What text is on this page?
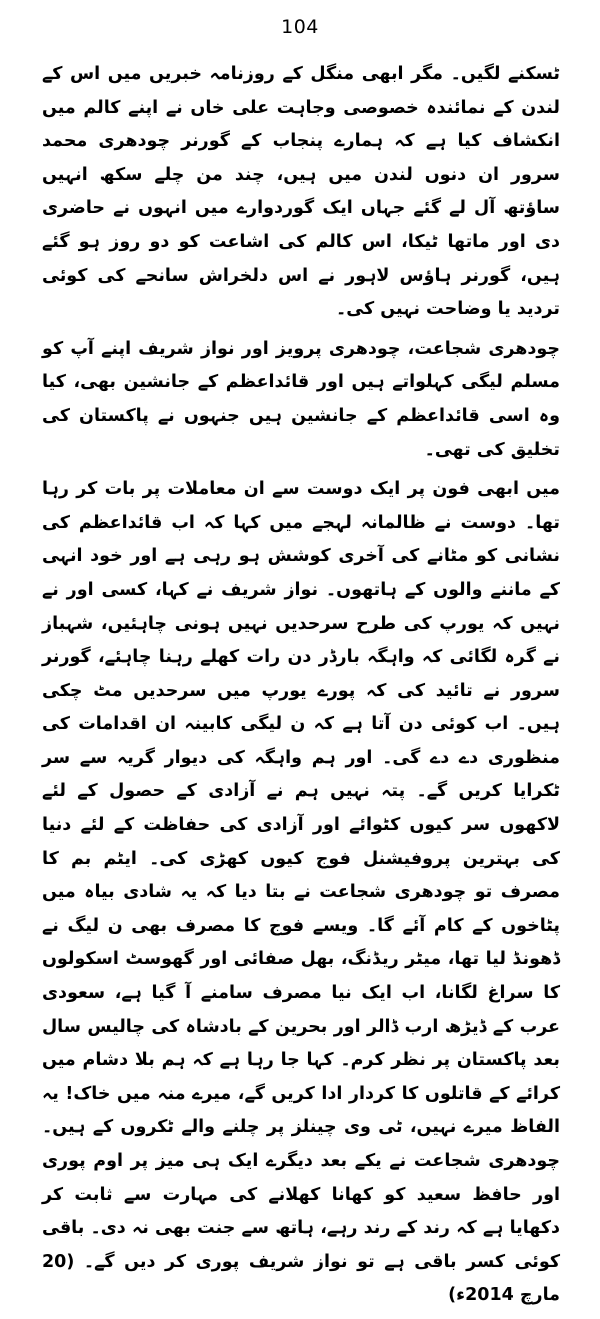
104

ٹسکنے لگیں۔ مگر ابھی منگل کے روزنامہ خبریں میں اس کے لندن کے نمائندہ خصوصی وجاہت علی خاں نے اپنے کالم میں انکشاف کیا ہے کہ ہمارے پنجاب کے گورنر چودھری محمد سرور ان دنوں لندن میں ہیں، چند من چلے سکھ انہیں ساؤتھ آل لے گئے جہاں ایک گوردوارے میں انہوں نے حاضری دی اور ماتھا ٹیکا، اس کالم کی اشاعت کو دو روز ہو گئے ہیں، گورنر ہاؤس لاہور نے اس دلخراش سانحے کی کوئی تردید یا وضاحت نہیں کی۔

چودھری شجاعت، چودھری پرویز اور نواز شریف اپنے آپ کو مسلم لیگی کہلواتے ہیں اور قائداعظم کے جانشین بھی، کیا وہ اسی قائداعظم کے جانشین ہیں جنہوں نے پاکستان کی تخلیق کی تھی۔

میں ابھی فون پر ایک دوست سے ان معاملات پر بات کر رہا تھا۔ دوست نے ظالمانہ لہجے میں کہا کہ اب قائداعظم کی نشانی کو مٹانے کی آخری کوشش ہو رہی ہے اور خود انہی کے ماننے والوں کے ہاتھوں۔ نواز شریف نے کہا، کسی اور نے نہیں کہ یورپ کی طرح سرحدیں نہیں ہونی چاہئیں، شہباز نے گرہ لگائی کہ واہگہ بارڈر دن رات کھلے رہنا چاہئے، گورنر سرور نے تائید کی کہ پورے یورپ میں سرحدیں مٹ چکی ہیں۔ اب کوئی دن آتا ہے کہ ن لیگی کابینہ ان اقدامات کی منظوری دے دے گی۔ اور ہم واہگہ کی دیوار گریہ سے سر ٹکرایا کریں گے۔ پتہ نہیں ہم نے آزادی کے حصول کے لئے لاکھوں سر کیوں کٹوائے اور آزادی کی حفاظت کے لئے دنیا کی بہترین پروفیشنل فوج کیوں کھڑی کی۔ ایٹم بم کا مصرف تو چودھری شجاعت نے بتا دیا کہ یہ شادی بیاہ میں پٹاخوں کے کام آئے گا۔ ویسے فوج کا مصرف بھی ن لیگ نے ڈھونڈ لیا تھا، میٹر ریڈنگ، بھل صفائی اور گھوسٹ اسکولوں کا سراغ لگانا، اب ایک نیا مصرف سامنے آ گیا ہے، سعودی عرب کے ڈیڑھ ارب ڈالر اور بحرین کے بادشاہ کی چالیس سال بعد پاکستان پر نظر کرم۔ کہا جا رہا ہے کہ ہم بلا دشام میں کرائے کے قاتلوں کا کردار ادا کریں گے، میرے منہ میں خاک! یہ الفاظ میرے نہیں، ٹی وی چینلز پر چلنے والے ٹکروں کے ہیں۔ چودھری شجاعت نے یکے بعد دیگرے ایک ہی میز پر اوم پوری اور حافظ سعید کو کھانا کھلانے کی مہارت سے ثابت کر دکھایا ہے کہ رند کے رند رہے، ہاتھ سے جنت بھی نہ دی۔ باقی کوئی کسر باقی ہے تو نواز شریف پوری کر دیں گے۔ (20 مارچ 2014ء)
